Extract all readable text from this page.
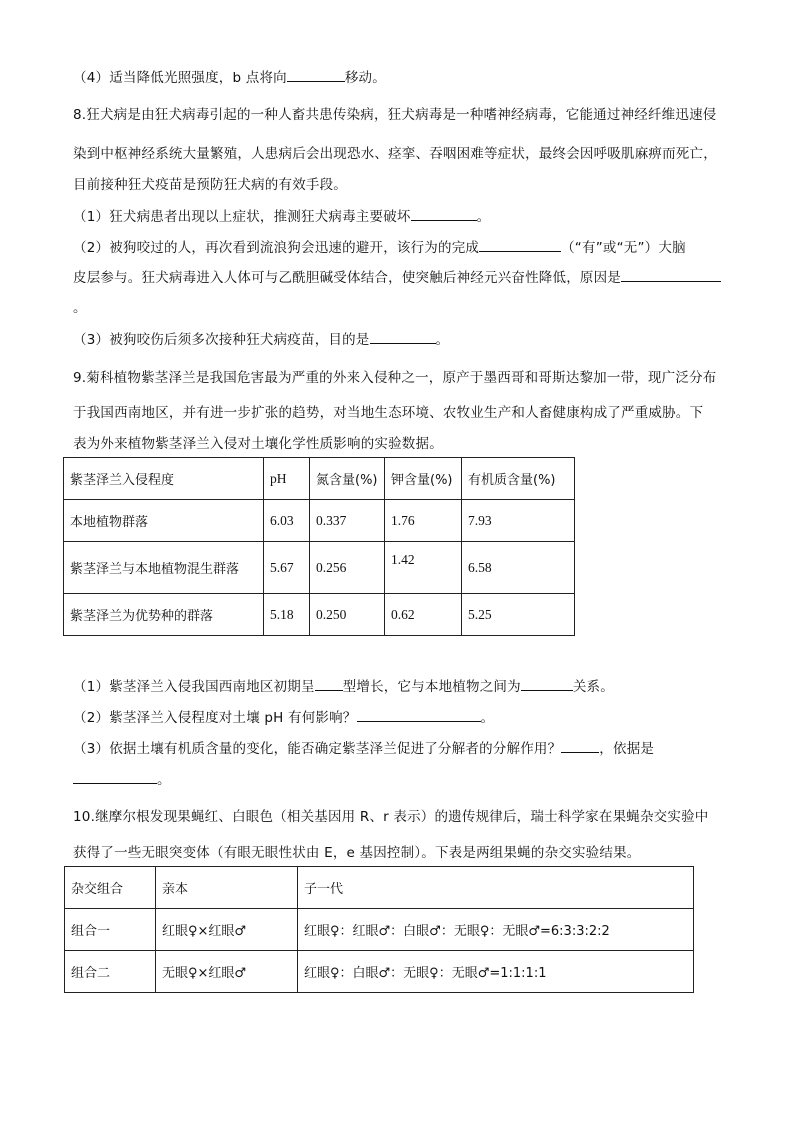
（4）适当降低光照强度，b 点将向	移动。
8.狂犬病是由狂犬病毒引起的一种人畜共患传染病，狂犬病毒是一种嗜神经病毒，它能通过神经纤维迅速侵
染到中枢神经系统大量繁殖，人患病后会出现恐水、痉挛、吞咽困难等症状，最终会因呼吸肌麻痹而死亡，
目前接种狂犬疫苗是预防狂犬病的有效手段。
（1）狂犬病患者出现以上症状，推测狂犬病毒主要破坏	。
（2）被狗咬过的人，再次看到流浪狗会迅速的避开，该行为的完成	（“有”或“无”）大脑
皮层参与。狂犬病毒进入人体可与乙酰胆碱受体结合，使突触后神经元兴奋性降低，原因是
。
（3）被狗咬伤后须多次接种狂犬病疫苗，目的是	。
9.菊科植物紫茎泽兰是我国危害最为严重的外来入侵种之一，原产于墨西哥和哥斯达黎加一带，现广泛分布
于我国西南地区，并有进一步扩张的趋势，对当地生态环境、农牧业生产和人畜健康构成了严重威胁。下
表为外来植物紫茎泽兰入侵对土壤化学性质影响的实验数据。
紫茎泽兰入侵程度	pH	氮含量(%)	钾含量(%)	有机质含量(%)
本地植物群落	6.03	0.337	1.76	7.93
紫茎泽兰与本地植物混生群落	5.67	0.256	1.42	6.58
紫茎泽兰为优势种的群落	5.18	0.250	0.62	5.25
（1）紫茎泽兰入侵我国西南地区初期呈 型增长，它与本地植物之间为	关系。
（2）紫茎泽兰入侵程度对土壤 pH 有何影响？	。
（3）依据土壤有机质含量的变化，能否确定紫茎泽兰促进了分解者的分解作用？	，依据是
。
10.继摩尔根发现果蝇红、白眼色（相关基因用 R、r 表示）的遗传规律后，瑞士科学家在果蝇杂交实验中
获得了一些无眼突变体（有眼无眼性状由 E，e 基因控制）。下表是两组果蝇的杂交实验结果。
杂交组合	亲本	子一代
组合一	红眼♀×红眼♂	红眼♀：红眼♂：白眼♂：无眼♀：无眼♂=6:3:3:2:2
组合二	无眼♀×红眼♂	红眼♀：白眼♂：无眼♀：无眼♂=1:1:1:1
